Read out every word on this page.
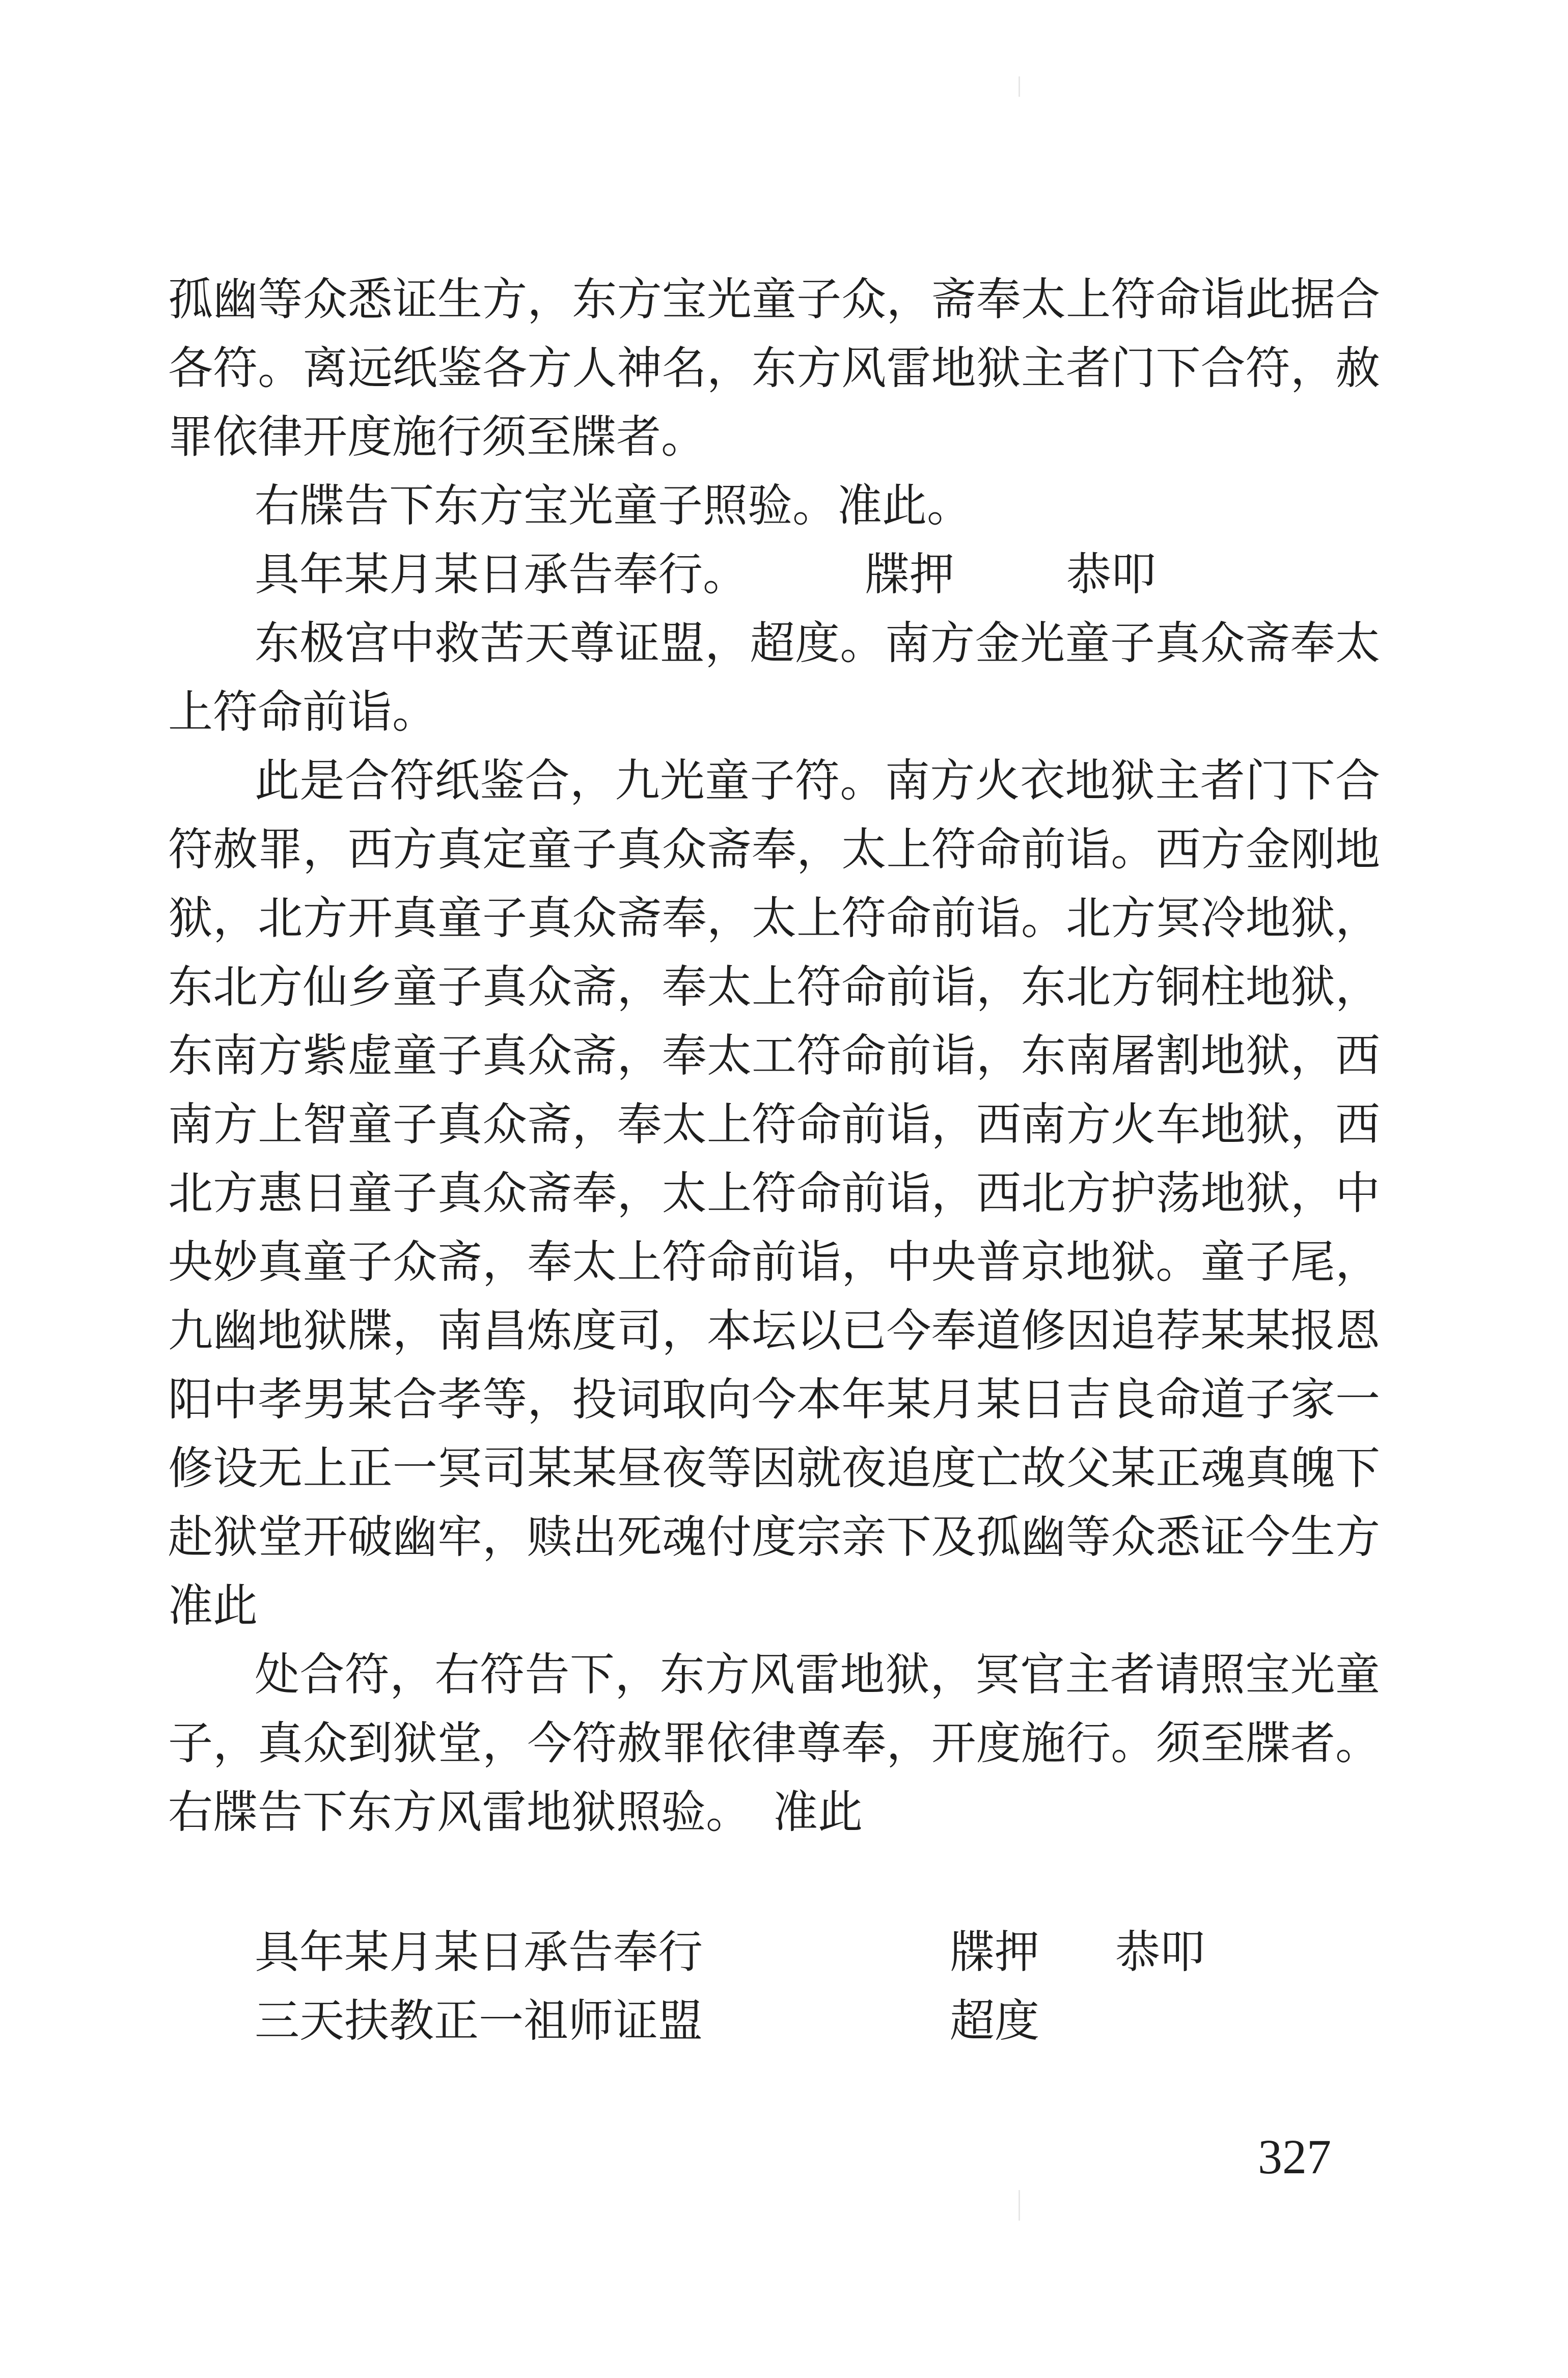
孤幽等众悉证生方，东方宝光童子众，斋奉太上符命诣此据合各符。离远纸鉴各方人神名，东方风雷地狱主者门下合符，赦罪依律开度施行须至牒者。

右牒告下东方宝光童子照验。准此。

具年某月某日承告奉行。	牒押	恭叩

东极宫中救苦天尊证盟，超度。南方金光童子真众斋奉太上符命前诣。

此是合符纸鉴合，九光童子符。南方火衣地狱主者门下合符赦罪，西方真定童子真众斋奉，太上符命前诣。西方金刚地狱，北方开真童子真众斋奉，太上符命前诣。北方冥冷地狱，东北方仙乡童子真众斋，奉太上符命前诣，东北方铜柱地狱，东南方紫虚童子真众斋，奉太工符命前诣，东南屠割地狱，西南方上智童子真众斋，奉太上符命前诣，西南方火车地狱，西北方惠日童子真众斋奉，太上符命前诣，西北方护荡地狱，中央妙真童子众斋，奉太上符命前诣，中央普京地狱。童子尾，九幽地狱牒，南昌炼度司，本坛以已今奉道修因追荐某某报恩阳中孝男某合孝等，投词取向今本年某月某日吉良命道子家一修设无上正一冥司某某昼夜等因就夜追度亡故父某正魂真魄下赴狱堂开破幽牢，赎出死魂付度宗亲下及孤幽等众悉证今生方准此

处合符，右符告下，东方风雷地狱，冥官主者请照宝光童子，真众到狱堂，今符赦罪依律尊奉，开度施行。须至牒者。右牒告下东方风雷地狱照验。　准此

具年某月某日承告奉行	牒押 恭叩

三天扶教正一祖师证盟	超度

327
